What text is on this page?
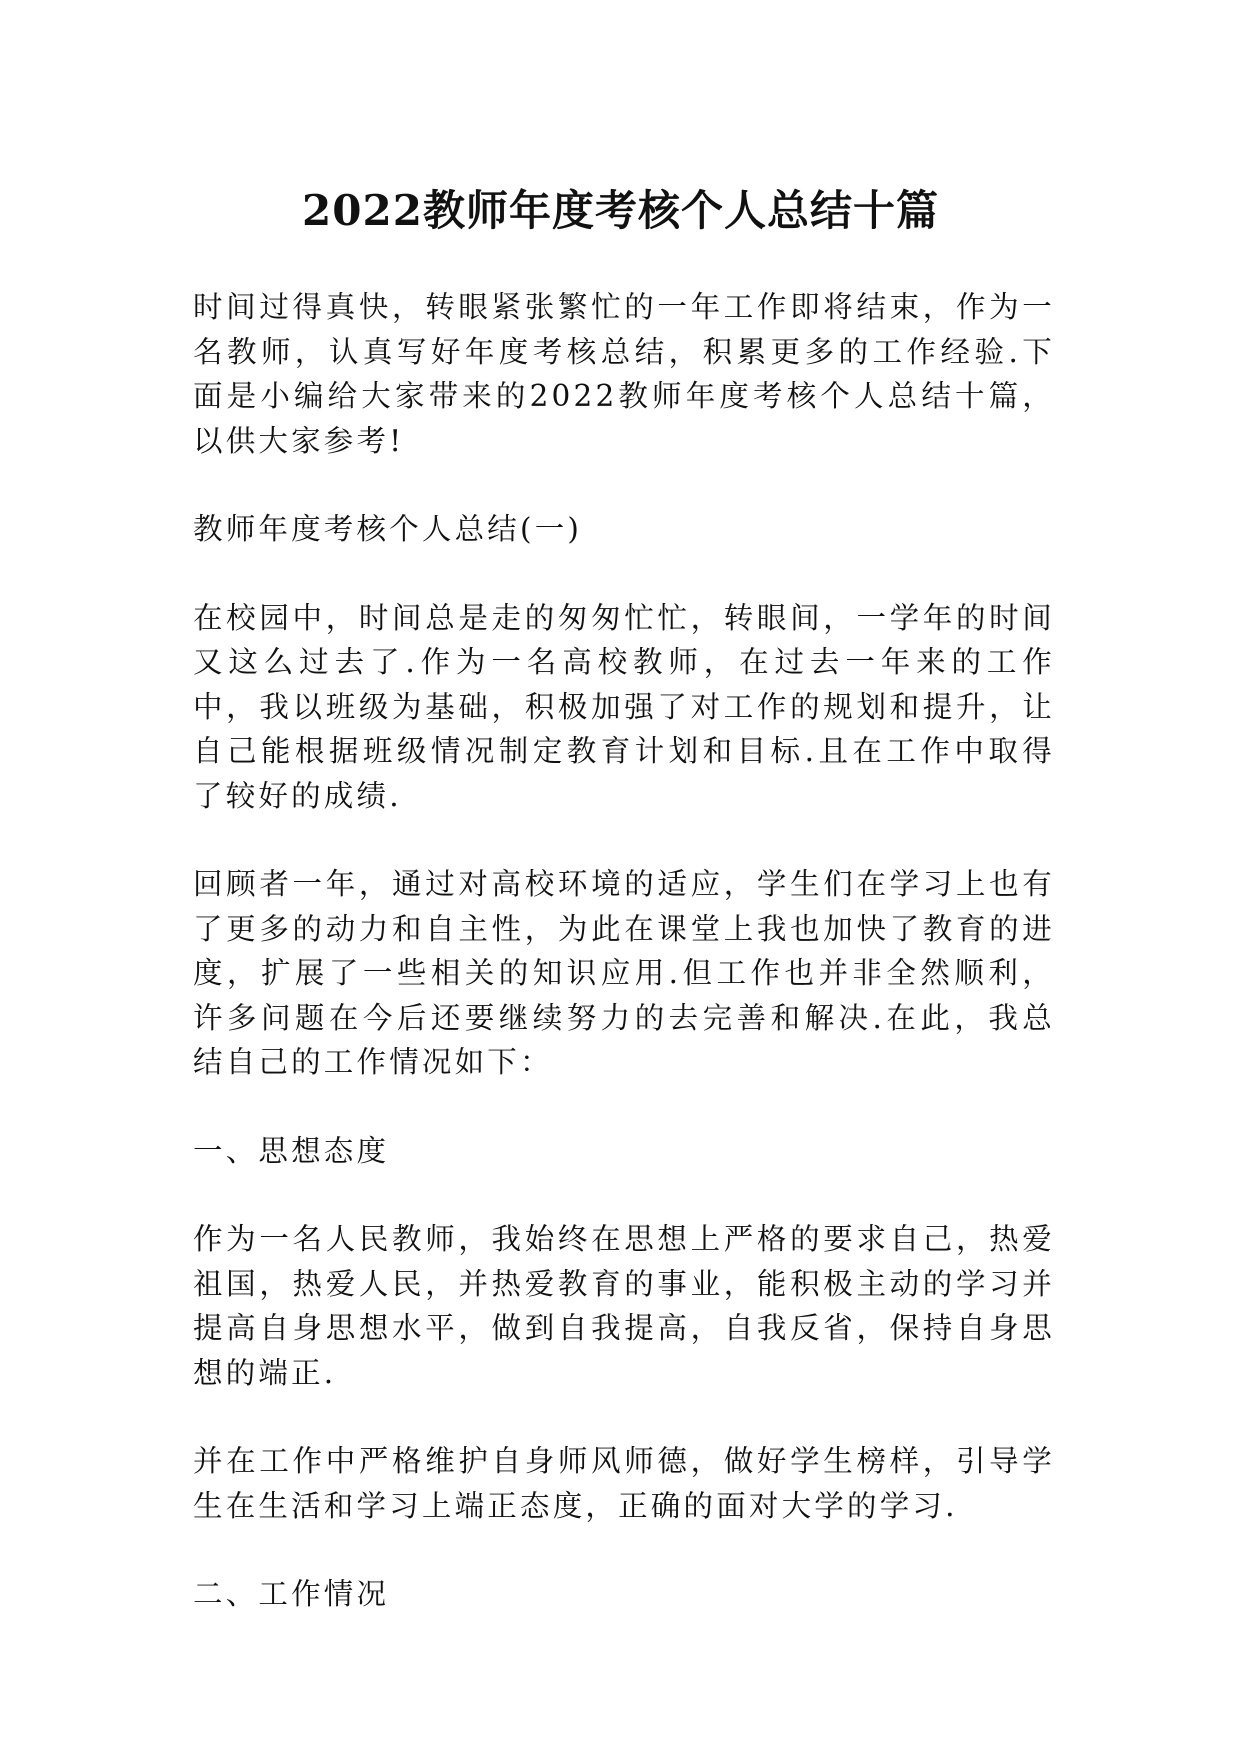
2022教师年度考核个人总结十篇

时间过得真快，转眼紧张繁忙的一年工作即将结束，作为一名教师，认真写好年度考核总结，积累更多的工作经验.下面是小编给大家带来的2022教师年度考核个人总结十篇，以供大家参考!

教师年度考核个人总结(一)

在校园中，时间总是走的匆匆忙忙，转眼间，一学年的时间又这么过去了.作为一名高校教师，在过去一年来的工作中，我以班级为基础，积极加强了对工作的规划和提升，让自己能根据班级情况制定教育计划和目标.且在工作中取得了较好的成绩.

回顾者一年，通过对高校环境的适应，学生们在学习上也有了更多的动力和自主性，为此在课堂上我也加快了教育的进度，扩展了一些相关的知识应用.但工作也并非全然顺利，许多问题在今后还要继续努力的去完善和解决.在此，我总结自己的工作情况如下：

一、思想态度

作为一名人民教师，我始终在思想上严格的要求自己，热爱祖国，热爱人民，并热爱教育的事业，能积极主动的学习并提高自身思想水平，做到自我提高，自我反省，保持自身思想的端正.

并在工作中严格维护自身师风师德，做好学生榜样，引导学生在生活和学习上端正态度，正确的面对大学的学习.

二、工作情况
